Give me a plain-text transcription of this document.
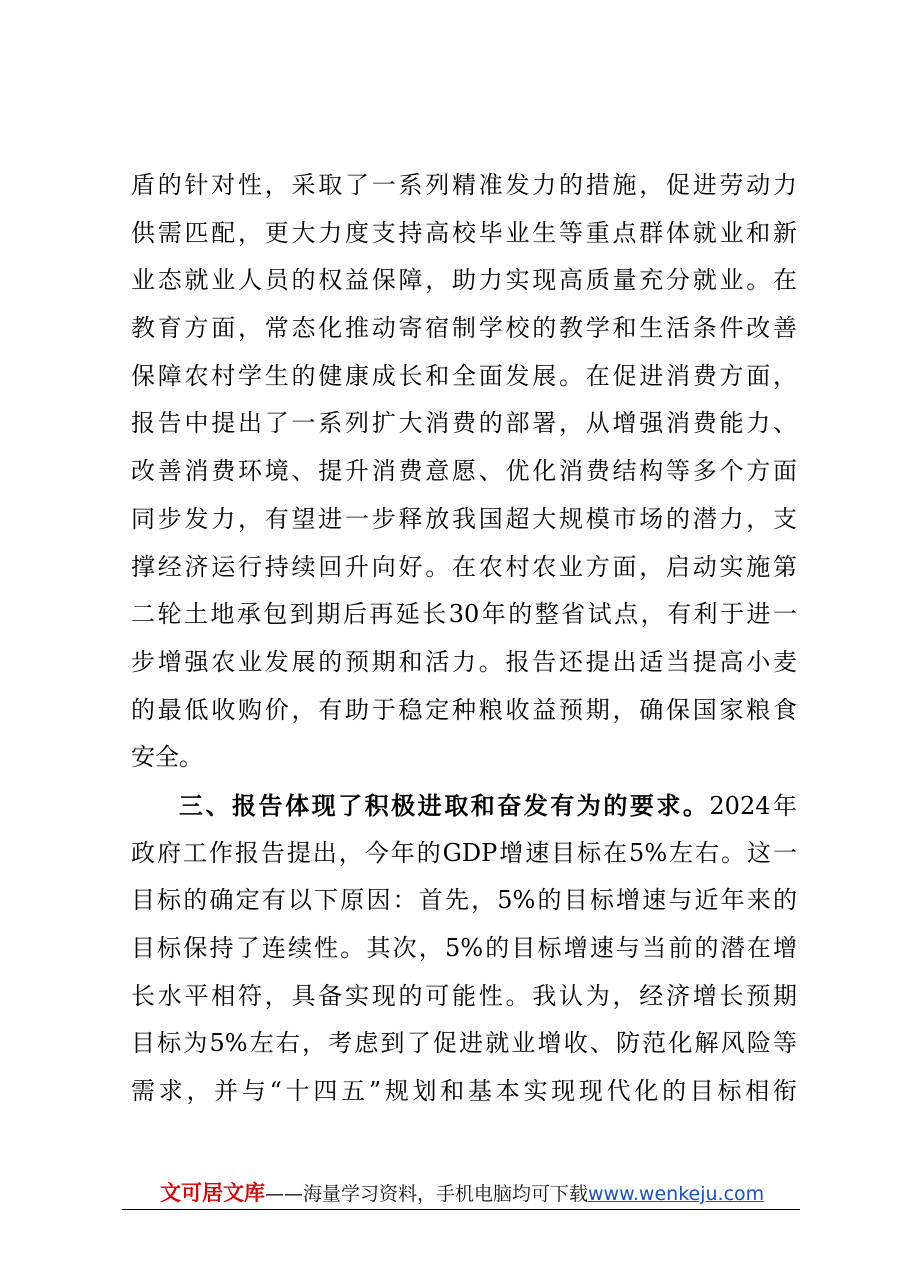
盾的针对性，采取了一系列精准发力的措施，促进劳动力
供需匹配，更大力度支持高校毕业生等重点群体就业和新
业态就业人员的权益保障，助力实现高质量充分就业。在
教育方面，常态化推动寄宿制学校的教学和生活条件改善
保障农村学生的健康成长和全面发展。在促进消费方面，
报告中提出了一系列扩大消费的部署，从增强消费能力、
改善消费环境、提升消费意愿、优化消费结构等多个方面
同步发力，有望进一步释放我国超大规模市场的潜力，支
撑经济运行持续回升向好。在农村农业方面，启动实施第
二轮土地承包到期后再延长30年的整省试点，有利于进一
步增强农业发展的预期和活力。报告还提出适当提高小麦
的最低收购价，有助于稳定种粮收益预期，确保国家粮食
安全。
三、报告体现了积极进取和奋发有为的要求。2024年
政府工作报告提出，今年的GDP增速目标在5%左右。这一
目标的确定有以下原因：首先，5%的目标增速与近年来的
目标保持了连续性。其次，5%的目标增速与当前的潜在增
长水平相符，具备实现的可能性。我认为，经济增长预期
目标为5%左右，考虑到了促进就业增收、防范化解风险等
需求，并与“十四五”规划和基本实现现代化的目标相衔
文可居文库——海量学习资料，手机电脑均可下载www.wenkeju.com
